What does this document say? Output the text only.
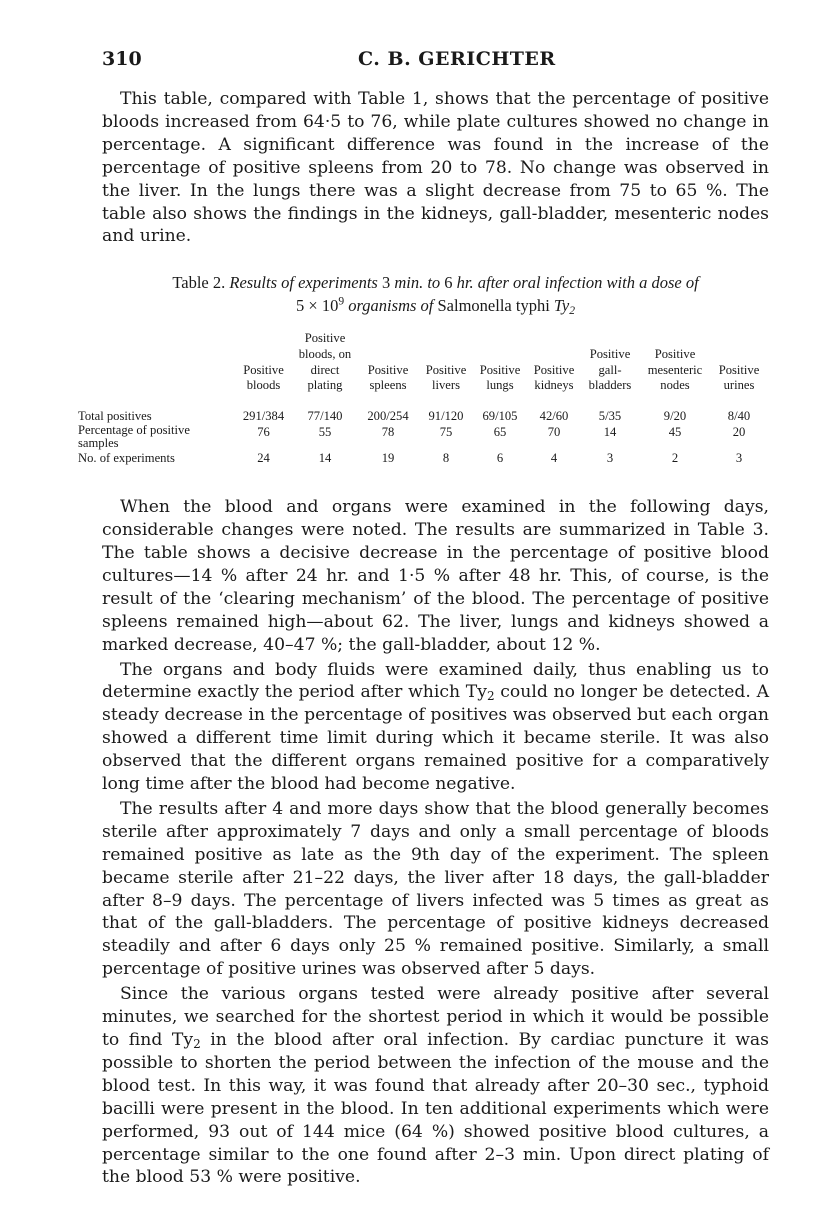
310	C. B. GERICHTER

This table, compared with Table 1, shows that the percentage of positive bloods increased from 64·5 to 76, while plate cultures showed no change in percentage. A significant difference was found in the increase of the percentage of positive spleens from 20 to 78. No change was observed in the liver. In the lungs there was a slight decrease from 75 to 65 %. The table also shows the findings in the kidneys, gall-bladder, mesenteric nodes and urine.

Table 2. Results of experiments 3 min. to 6 hr. after oral infection with a dose of
$5 \times 10^9$ organisms of Salmonella typhi $Ty_2$
	Positive bloods	Positive bloods, on direct plating	Positive spleens	Positive livers	Positive lungs	Positive kidneys	Positive gall-bladders	Positive mesenteric nodes	Positive urines
Total positives	291/384	77/140	200/254	91/120	69/105	42/60	5/35	9/20	8/40
Percentage of positive samples	76	55	78	75	65	70	14	45	20
No. of experiments	24	14	19	8	6	4	3	2	3

When the blood and organs were examined in the following days, considerable changes were noted. The results are summarized in Table 3. The table shows a decisive decrease in the percentage of positive blood cultures—14 % after 24 hr. and 1·5 % after 48 hr. This, of course, is the result of the ‘clearing mechanism’ of the blood. The percentage of positive spleens remained high—about 62. The liver, lungs and kidneys showed a marked decrease, 40–47 %; the gall-bladder, about 12 %.

The organs and body fluids were examined daily, thus enabling us to determine exactly the period after which $Ty_2$ could no longer be detected. A steady decrease in the percentage of positives was observed but each organ showed a different time limit during which it became sterile. It was also observed that the different organs remained positive for a comparatively long time after the blood had become negative.

The results after 4 and more days show that the blood generally becomes sterile after approximately 7 days and only a small percentage of bloods remained positive as late as the 9th day of the experiment. The spleen became sterile after 21–22 days, the liver after 18 days, the gall-bladder after 8–9 days. The percentage of livers infected was 5 times as great as that of the gall-bladders. The percentage of positive kidneys decreased steadily and after 6 days only 25 % remained positive. Similarly, a small percentage of positive urines was observed after 5 days.

Since the various organs tested were already positive after several minutes, we searched for the shortest period in which it would be possible to find $Ty_2$ in the blood after oral infection. By cardiac puncture it was possible to shorten the period between the infection of the mouse and the blood test. In this way, it was found that already after 20–30 sec., typhoid bacilli were present in the blood. In ten additional experiments which were performed, 93 out of 144 mice (64 %) showed positive blood cultures, a percentage similar to the one found after 2–3 min. Upon direct plating of the blood 53 % were positive.
